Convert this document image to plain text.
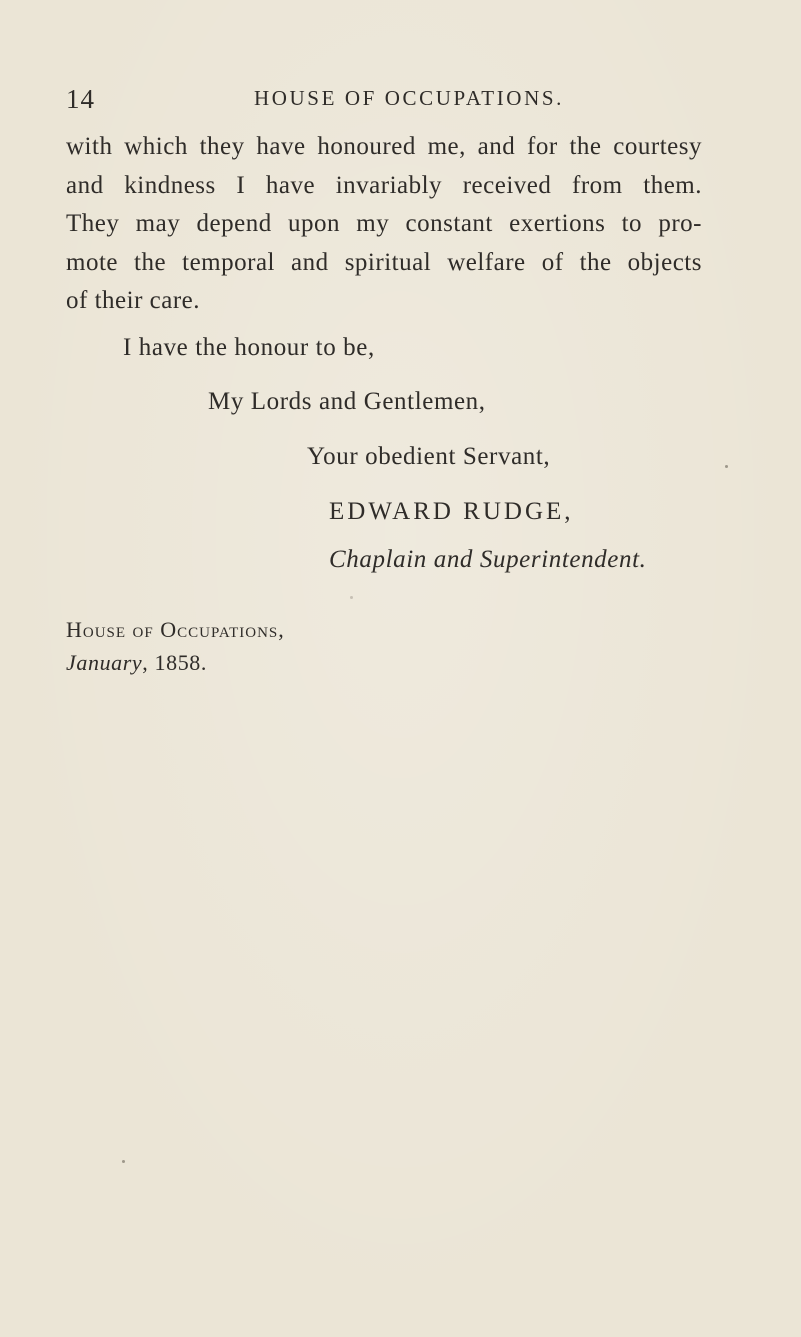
14	HOUSE OF OCCUPATIONS.
with which they have honoured me, and for the courtesy
and kindness I have invariably received from them.
They may depend upon my constant exertions to pro-
mote the temporal and spiritual welfare of the objects
of their care.
I have the honour to be,
My Lords and Gentlemen,
Your obedient Servant,
EDWARD RUDGE,
Chaplain and Superintendent.
House of Occupations,
January, 1858.
